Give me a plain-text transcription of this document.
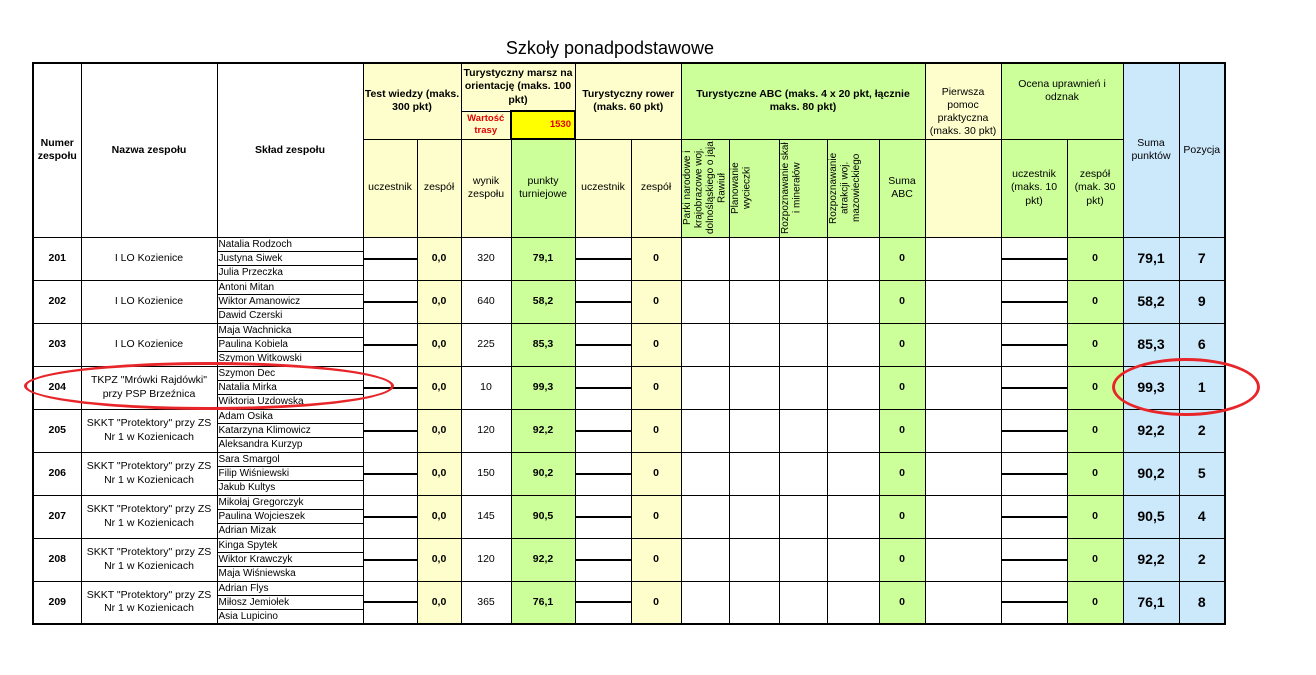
Szkoły ponadpodstawowe
Numer zespołu	Nazwa zespołu	Skład zespołu	Test wiedzy (maks. 300 pkt)		Turystyczny marsz na orientację (maks. 100 pkt)		Turystyczny rower (maks. 60 pkt)		Turystyczne ABC (maks. 4 x 20 pkt, łącznie maks. 80 pkt)					Pierwsza pomoc praktyczna (maks. 30 pkt)	Ocena uprawnień i odznak		Suma punktów	Pozycja
					Wartość trasy	1530												
			uczestnik	zespół	wynik zespołu	punkty turniejowe	uczestnik	zespół	Parki narodowe i krajobrazowe woj. dolnośląskiego o jaja Rawiuł	Planowanie wycieczki	Rozpoznawanie skał i minerałów	Rozpoznawanie atrakcji woj. mazowieckiego	Suma ABC		uczestnik (maks. 10 pkt)	zespół (mak. 30 pkt)		
201	I LO Kozienice	Natalia Rodzoch
Justyna Siwek
Julia Przeczka		0,0	320	79,1		0					0			0	79,1	7
202	I LO Kozienice	Antoni Mitan
Wiktor Amanowicz
Dawid Czerski		0,0	640	58,2		0					0			0	58,2	9
203	I LO Kozienice	Maja Wachnicka
Paulina Kobiela
Szymon Witkowski		0,0	225	85,3		0					0			0	85,3	6
204	TKPZ "Mrówki Rajdówki" przy PSP Brzeźnica	Szymon Dec
Natalia Mirka
Wiktoria Uzdowska		0,0	10	99,3		0					0			0	99,3	1
205	SKKT "Protektory" przy ZS Nr 1 w Kozienicach	Adam Osika
Katarzyna Klimowicz
Aleksandra Kurzyp		0,0	120	92,2		0					0			0	92,2	2
206	SKKT "Protektory" przy ZS Nr 1 w Kozienicach	Sara Smargol
Filip Wiśniewski
Jakub Kultys		0,0	150	90,2		0					0			0	90,2	5
207	SKKT "Protektory" przy ZS Nr 1 w Kozienicach	Mikołaj Gregorczyk
Paulina Wojcieszek
Adrian Mizak		0,0	145	90,5		0					0			0	90,5	4
208	SKKT "Protektory" przy ZS Nr 1 w Kozienicach	Kinga Spytek
Wiktor Krawczyk
Maja Wiśniewska		0,0	120	92,2		0					0			0	92,2	2
209	SKKT "Protektory" przy ZS Nr 1 w Kozienicach	Adrian Flys
Miłosz Jemiołek
Asia Lupicino		0,0	365	76,1		0					0			0	76,1	8
